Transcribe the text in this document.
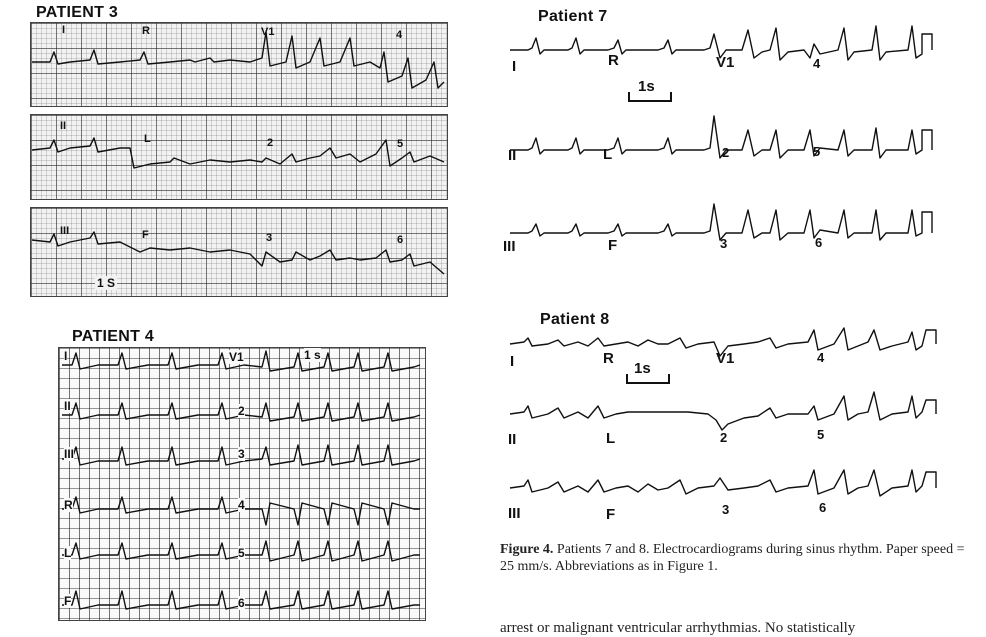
PATIENT 3
I	R	V1	4
II
L	2	5
III	F	3	6
1 S
PATIENT 4
I
II
III
R
L
F
V1
2
3
4
5
6
1 s
Patient 7
I	R	V1	4
1s
II	L	2	5
III	F	3	6
Patient 8
I	R	V1	4
1s
II	L	2	5
III	F	3	6
Figure 4. Patients 7 and 8. Electrocardiograms during sinus rhythm. Paper speed = 25 mm/s. Abbreviations as in Figure 1.
arrest or malignant ventricular arrhythmias. No statistically
